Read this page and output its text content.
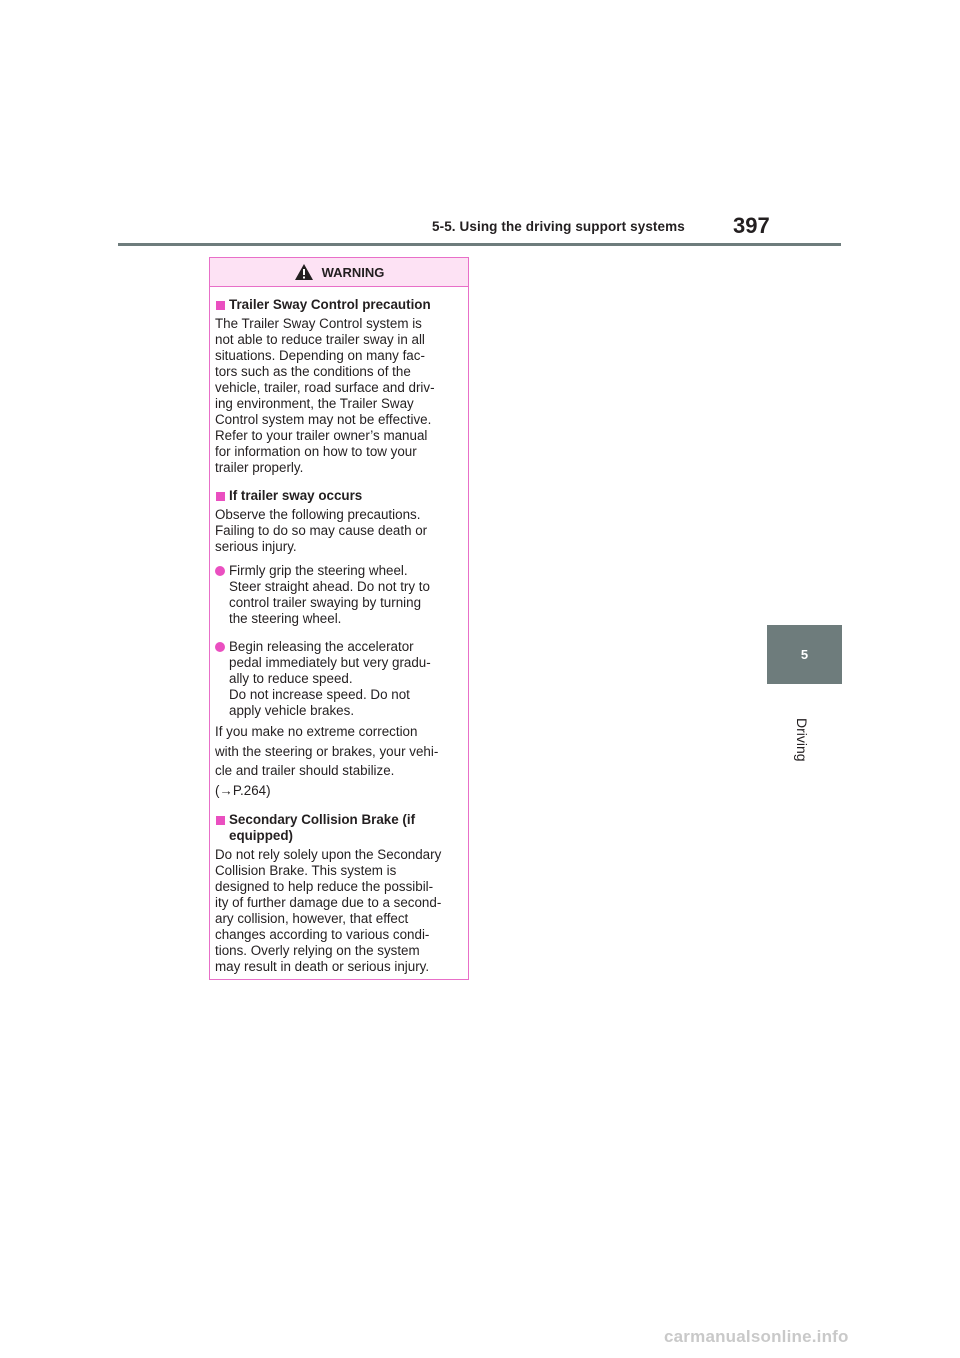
5-5. Using the driving support systems 397
5
Driving
WARNING
Trailer Sway Control precaution
The Trailer Sway Control system is
not able to reduce trailer sway in all
situations. Depending on many fac-
tors such as the conditions of the
vehicle, trailer, road surface and driv-
ing environment, the Trailer Sway
Control system may not be effective.
Refer to your trailer owner’s manual
for information on how to tow your
trailer properly.
If trailer sway occurs
Observe the following precautions.
Failing to do so may cause death or
serious injury.
Firmly grip the steering wheel.
Steer straight ahead. Do not try to
control trailer swaying by turning
the steering wheel.
Begin releasing the accelerator
pedal immediately but very gradu-
ally to reduce speed.
Do not increase speed. Do not
apply vehicle brakes.
If you make no extreme correction
with the steering or brakes, your vehi-
cle and trailer should stabilize.
(→P.264)
Secondary Collision Brake (if
equipped)
Do not rely solely upon the Secondary
Collision Brake. This system is
designed to help reduce the possibil-
ity of further damage due to a second-
ary collision, however, that effect
changes according to various condi-
tions. Overly relying on the system
may result in death or serious injury.
carmanualsonline.info
